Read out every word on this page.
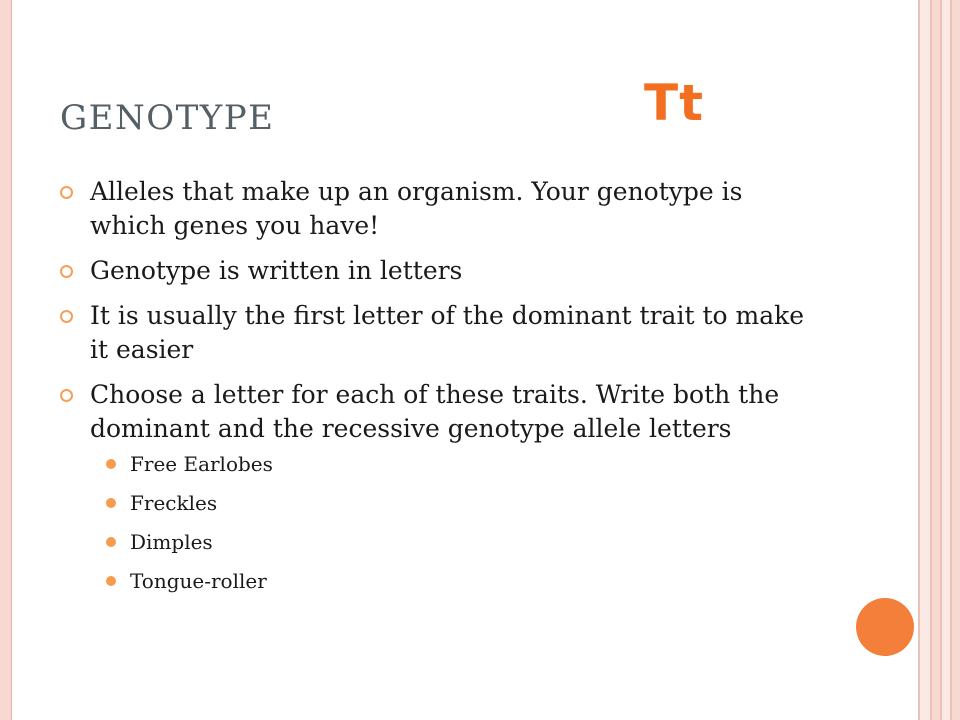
GENOTYPE	Tt
Alleles that make up an organism. Your genotype is which genes you have!
Genotype is written in letters
It is usually the first letter of the dominant trait to make it easier
Choose a letter for each of these traits. Write both the dominant and the recessive genotype allele letters
Free Earlobes
Freckles
Dimples
Tongue-roller
